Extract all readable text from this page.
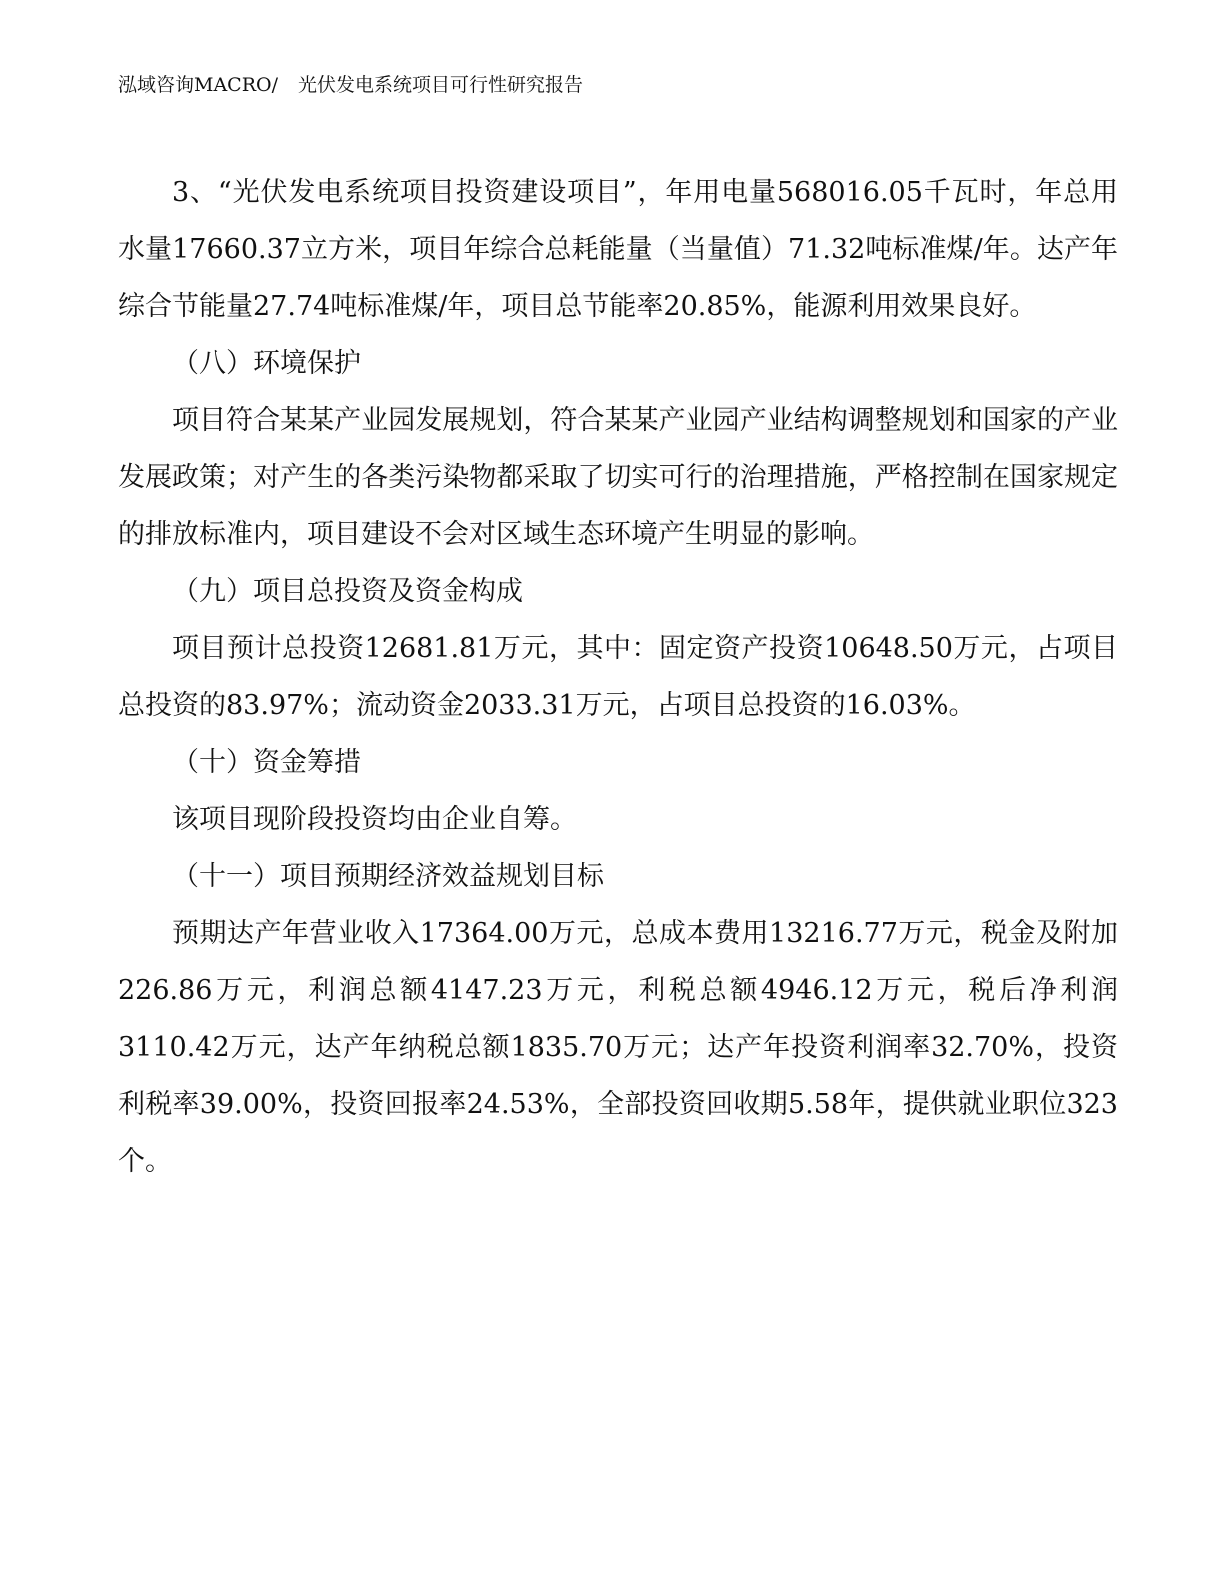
泓域咨询MACRO/ 光伏发电系统项目可行性研究报告

3、“光伏发电系统项目投资建设项目”，年用电量568016.05千瓦时，年总用水量17660.37立方米，项目年综合总耗能量（当量值）71.32吨标准煤/年。达产年综合节能量27.74吨标准煤/年，项目总节能率20.85%，能源利用效果良好。

（八）环境保护

项目符合某某产业园发展规划，符合某某产业园产业结构调整规划和国家的产业发展政策；对产生的各类污染物都采取了切实可行的治理措施，严格控制在国家规定的排放标准内，项目建设不会对区域生态环境产生明显的影响。

（九）项目总投资及资金构成

项目预计总投资12681.81万元，其中：固定资产投资10648.50万元，占项目总投资的83.97%；流动资金2033.31万元，占项目总投资的16.03%。

（十）资金筹措

该项目现阶段投资均由企业自筹。

（十一）项目预期经济效益规划目标

预期达产年营业收入17364.00万元，总成本费用13216.77万元，税金及附加226.86万元，利润总额4147.23万元，利税总额4946.12万元，税后净利润3110.42万元，达产年纳税总额1835.70万元；达产年投资利润率32.70%，投资利税率39.00%，投资回报率24.53%，全部投资回收期5.58年，提供就业职位323个。
